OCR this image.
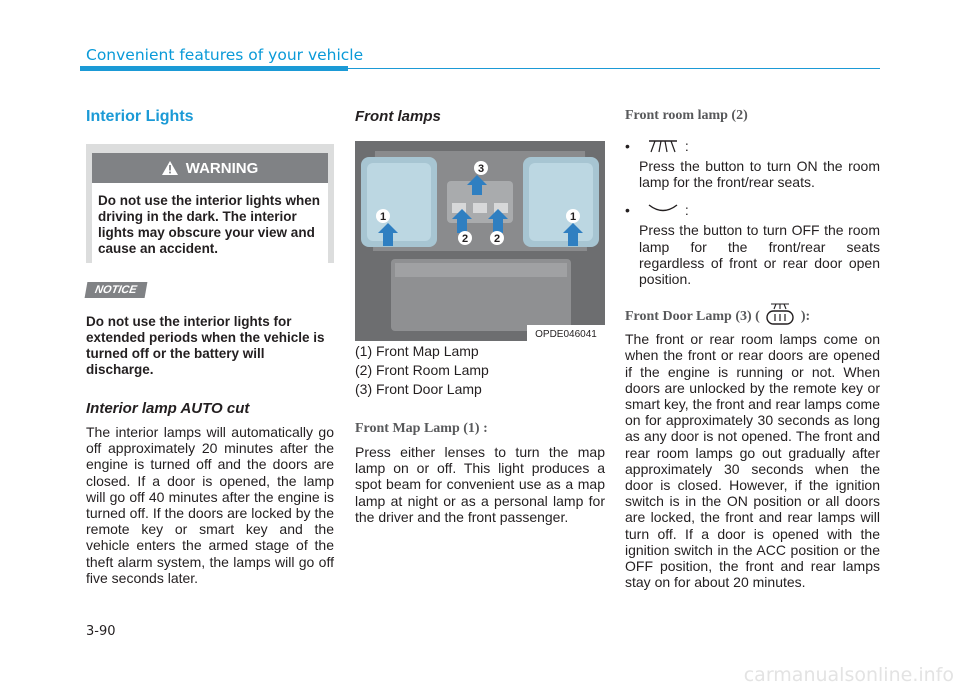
Convenient features of your vehicle
Interior Lights
WARNING
Do not use the interior lights when driving in the dark. The interior lights may obscure your view and cause an accident.
NOTICE
Do not use the interior lights for extended periods when the vehicle is turned off or the battery will discharge.
Interior lamp AUTO cut
The interior lamps will automatically go off approximately 20 minutes after the engine is turned off and the doors are closed. If a door is opened, the lamp will go off 40 minutes after the engine is turned off. If the doors are locked by the remote key or smart key and the vehicle enters the armed stage of the theft alarm system, the lamps will go off five seconds later.
Front lamps
3
1	1
2 2
OPDE046041
(1) Front Map Lamp
(2) Front Room Lamp
(3) Front Door Lamp
Front Map Lamp (1) :
Press either lenses to turn the map lamp on or off. This light produces a spot beam for convenient use as a map lamp at night or as a personal lamp for the driver and the front passenger.
Front room lamp (2)
• :
Press the button to turn ON the room lamp for the front/rear seats.
• :
Press the button to turn OFF the room lamp for the front/rear seats regardless of front or rear door open position.
Front Door Lamp (3) (	):
The front or rear room lamps come on when the front or rear doors are opened if the engine is running or not. When doors are unlocked by the remote key or smart key, the front and rear lamps come on for approximately 30 seconds as long as any door is not opened. The front and rear room lamps go out gradually after approximately 30 seconds when the door is closed. However, if the ignition switch is in the ON position or all doors are locked, the front and rear lamps will turn off. If a door is opened with the ignition switch in the ACC position or the OFF position, the front and rear lamps stay on for about 20 minutes.
3-90
carmanualsonline.info
